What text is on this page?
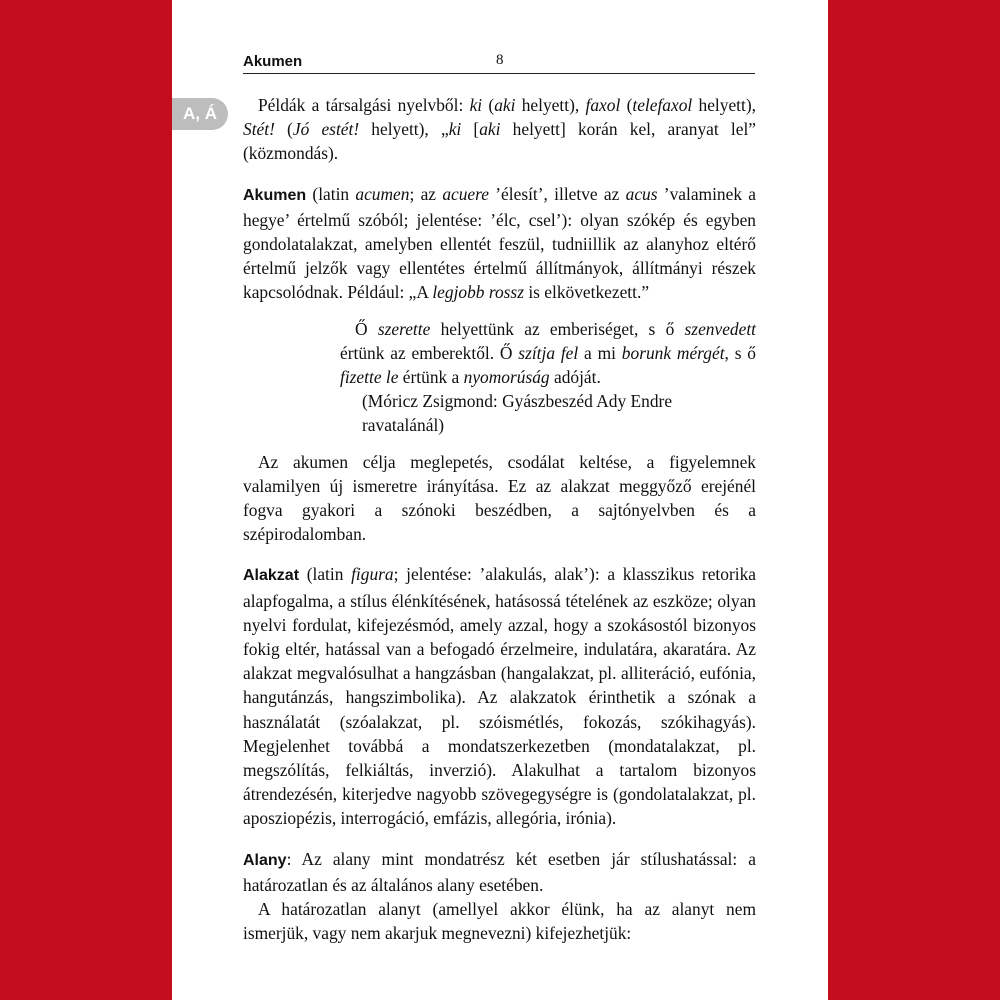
Akumen	8
A, Á	Példák a társalgási nyelvből: ki (aki helyett), faxol (telefaxol helyett), Stét! (Jó estét! helyett), „ki [aki helyett] korán kel, aranyat lel” (közmondás).

Akumen (latin acumen; az acuere ’élesít’, illetve az acus ’valaminek a hegye’ értelmű szóból; jelentése: ’élc, csel’): olyan szókép és egyben gondolatalakzat, amelyben ellentét feszül, tudniillik az alanyhoz eltérő értelmű jelzők vagy ellentétes értelmű állítmányok, állítmányi részek kapcsolódnak. Például: „A legjobb rossz is elkövetkezett.”

Ő szerette helyettünk az emberiséget, s ő szenvedett értünk az emberektől. Ő szítja fel a mi borunk mérgét, s ő fizette le értünk a nyomorúság adóját.

(Móricz Zsigmond: Gyászbeszéd Ady Endre ravatalánál)

Az akumen célja meglepetés, csodálat keltése, a figyelemnek valamilyen új ismeretre irányítása. Ez az alakzat meggyőző erejénél fogva gyakori a szónoki beszédben, a sajtónyelvben és a szépirodalomban.

Alakzat (latin figura; jelentése: ’alakulás, alak’): a klasszikus retorika alapfogalma, a stílus élénkítésének, hatásossá tételének az eszköze; olyan nyelvi fordulat, kifejezésmód, amely azzal, hogy a szokásostól bizonyos fokig eltér, hatással van a befogadó érzelmeire, indulatára, akaratára. Az alakzat megvalósulhat a hangzásban (hangalakzat, pl. alliteráció, eufónia, hangutánzás, hangszimbolika). Az alakzatok érinthetik a szónak a használatát (szóalakzat, pl. szóismétlés, fokozás, szókihagyás). Megjelenhet továbbá a mondatszerkezetben (mondatalakzat, pl. megszólítás, felkiáltás, inverzió). Alakulhat a tartalom bizonyos átrendezésén, kiterjedve nagyobb szövegegységre is (gondolatalakzat, pl. aposziopézis, interrogáció, emfázis, allegória, irónia).

Alany: Az alany mint mondatrész két esetben jár stílushatással: a határozatlan és az általános alany esetében.

A határozatlan alanyt (amellyel akkor élünk, ha az alanyt nem ismerjük, vagy nem akarjuk megnevezni) kifejezhetjük:
